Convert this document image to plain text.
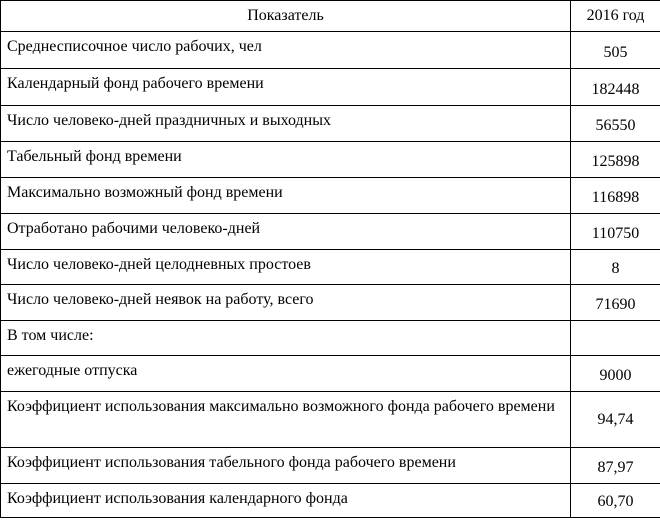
Показатель	2016 год
Среднесписочное число рабочих, чел	505
Календарный фонд рабочего времени	182448
Число человеко-дней праздничных и выходных	56550
Табельный фонд времени	125898
Максимально возможный фонд времени	116898
Отработано рабочими человеко-дней	110750
Число человеко-дней целодневных простоев	8
Число человеко-дней неявок на работу, всего	71690
В том числе:	
ежегодные отпуска	9000
Коэффициент использования максимально возможного фонда рабочего времени	94,74
Коэффициент использования табельного фонда рабочего времени	87,97
Коэффициент использования календарного фонда	60,70
